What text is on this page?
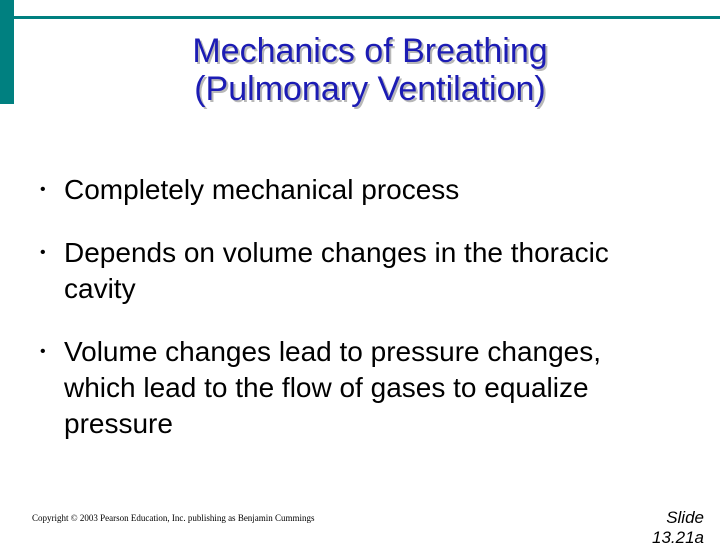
Mechanics of Breathing
(Pulmonary Ventilation)
• Completely mechanical process
• Depends on volume changes in the thoracic cavity
• Volume changes lead to pressure changes, which lead to the flow of gases to equalize pressure
Copyright © 2003 Pearson Education, Inc. publishing as Benjamin Cummings	Slide
13.21a
